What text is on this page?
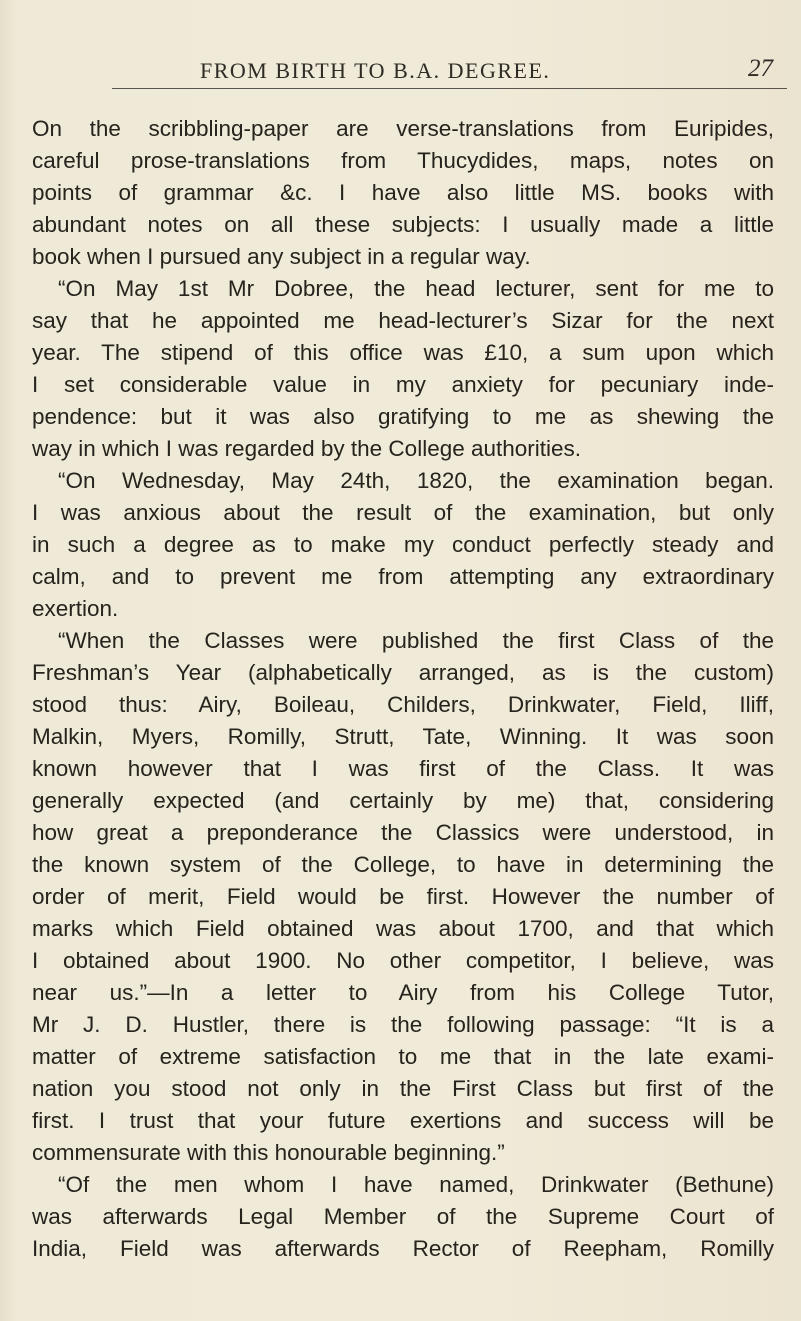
FROM BIRTH TO B.A. DEGREE.	27
On the scribbling-paper are verse-translations from Euripides,
careful prose-translations from Thucydides, maps, notes on
points of grammar &c. I have also little MS. books with
abundant notes on all these subjects: I usually made a little
book when I pursued any subject in a regular way.
“On May 1st Mr Dobree, the head lecturer, sent for me to
say that he appointed me head-lecturer’s Sizar for the next
year. The stipend of this office was £10, a sum upon which
I set considerable value in my anxiety for pecuniary inde-
pendence: but it was also gratifying to me as shewing the
way in which I was regarded by the College authorities.
“On Wednesday, May 24th, 1820, the examination began.
I was anxious about the result of the examination, but only
in such a degree as to make my conduct perfectly steady and
calm, and to prevent me from attempting any extraordinary
exertion.
“When the Classes were published the first Class of the
Freshman’s Year (alphabetically arranged, as is the custom)
stood thus: Airy, Boileau, Childers, Drinkwater, Field, Iliff,
Malkin, Myers, Romilly, Strutt, Tate, Winning. It was soon
known however that I was first of the Class. It was
generally expected (and certainly by me) that, considering
how great a preponderance the Classics were understood, in
the known system of the College, to have in determining the
order of merit, Field would be first. However the number of
marks which Field obtained was about 1700, and that which
I obtained about 1900. No other competitor, I believe, was
near us.”—In a letter to Airy from his College Tutor,
Mr J. D. Hustler, there is the following passage: “It is a
matter of extreme satisfaction to me that in the late exami-
nation you stood not only in the First Class but first of the
first. I trust that your future exertions and success will be
commensurate with this honourable beginning.”
“Of the men whom I have named, Drinkwater (Bethune)
was afterwards Legal Member of the Supreme Court of
India, Field was afterwards Rector of Reepham, Romilly
